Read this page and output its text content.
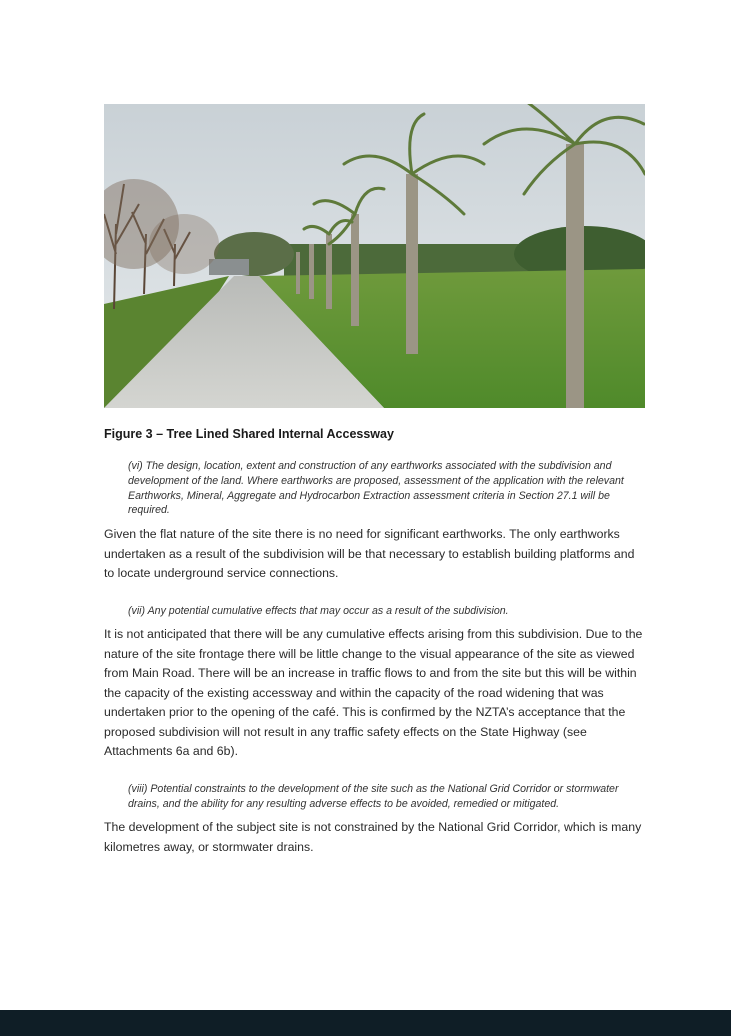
Figure 3 – Tree Lined Shared Internal Accessway

(vi) The design, location, extent and construction of any earthworks associated with the subdivision and development of the land. Where earthworks are proposed, assessment of the application with the relevant Earthworks, Mineral, Aggregate and Hydrocarbon Extraction assessment criteria in Section 27.1 will be required.

Given the flat nature of the site there is no need for significant earthworks. The only earthworks undertaken as a result of the subdivision will be that necessary to establish building platforms and to locate underground service connections.

(vii) Any potential cumulative effects that may occur as a result of the subdivision.

It is not anticipated that there will be any cumulative effects arising from this subdivision. Due to the nature of the site frontage there will be little change to the visual appearance of the site as viewed from Main Road. There will be an increase in traffic flows to and from the site but this will be within the capacity of the existing accessway and within the capacity of the road widening that was undertaken prior to the opening of the café. This is confirmed by the NZTA’s acceptance that the proposed subdivision will not result in any traffic safety effects on the State Highway (see Attachments 6a and 6b).

(viii) Potential constraints to the development of the site such as the National Grid Corridor or stormwater drains, and the ability for any resulting adverse effects to be avoided, remedied or mitigated.

The development of the subject site is not constrained by the National Grid Corridor, which is many kilometres away, or stormwater drains.
